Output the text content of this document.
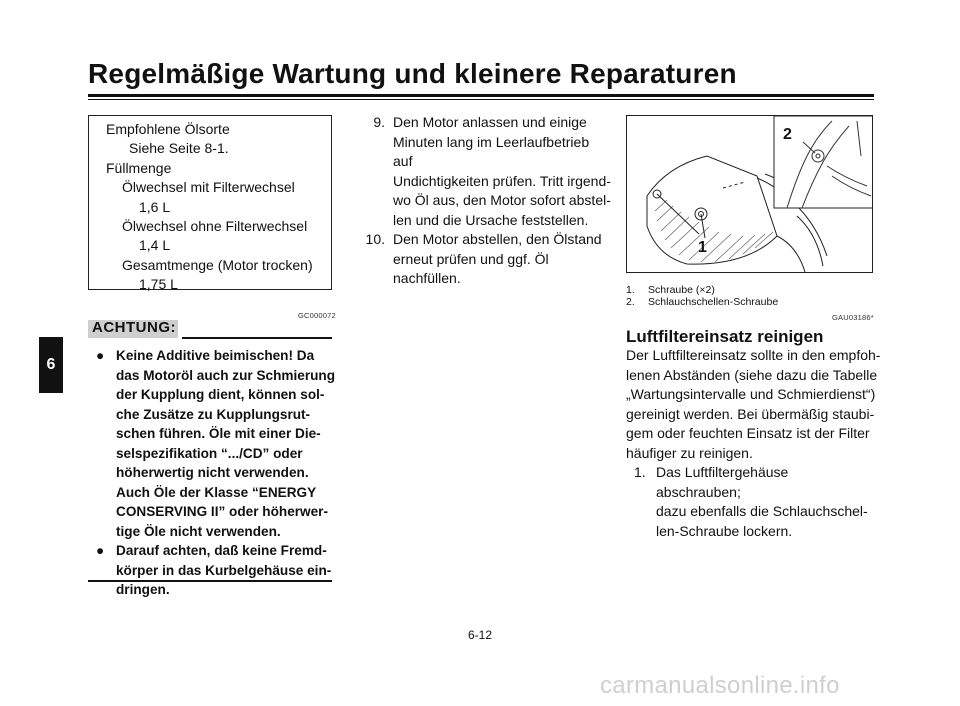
Regelmäßige Wartung und kleinere Reparaturen
6
Empfohlene Ölsorte
Siehe Seite 8-1.
Füllmenge
Ölwechsel mit Filterwechsel
1,6 L
Ölwechsel ohne Filterwechsel
1,4 L
Gesamtmenge (Motor trocken)
1,75 L
GC000072
ACHTUNG:
● Keine Additive beimischen! Da
das Motoröl auch zur Schmierung
der Kupplung dient, können sol-
che Zusätze zu Kupplungsrut-
schen führen. Öle mit einer Die-
selspezifikation “.../CD” oder
höherwertig nicht verwenden.
Auch Öle der Klasse “ENERGY
CONSERVING II” oder höherwer-
tige Öle nicht verwenden.
● Darauf achten, daß keine Fremd-
körper in das Kurbelgehäuse ein-
dringen.
9. Den Motor anlassen und einige
Minuten lang im Leerlaufbetrieb auf
Undichtigkeiten prüfen. Tritt irgend-
wo Öl aus, den Motor sofort abstel-
len und die Ursache feststellen.
10. Den Motor abstellen, den Ölstand
erneut prüfen und ggf. Öl nachfüllen.
1
2
1.	Schraube (×2)
2.	Schlauchschellen-Schraube
GAU03186*
Luftfiltereinsatz reinigen
Der Luftfiltereinsatz sollte in den empfoh-
lenen Abständen (siehe dazu die Tabelle
„Wartungsintervalle und Schmierdienst“)
gereinigt werden. Bei übermäßig staubi-
gem oder feuchten Einsatz ist der Filter
häufiger zu reinigen.
1. Das Luftfiltergehäuse abschrauben;
dazu ebenfalls die Schlauchschel-
len-Schraube lockern.
6-12
carmanualsonline.info
